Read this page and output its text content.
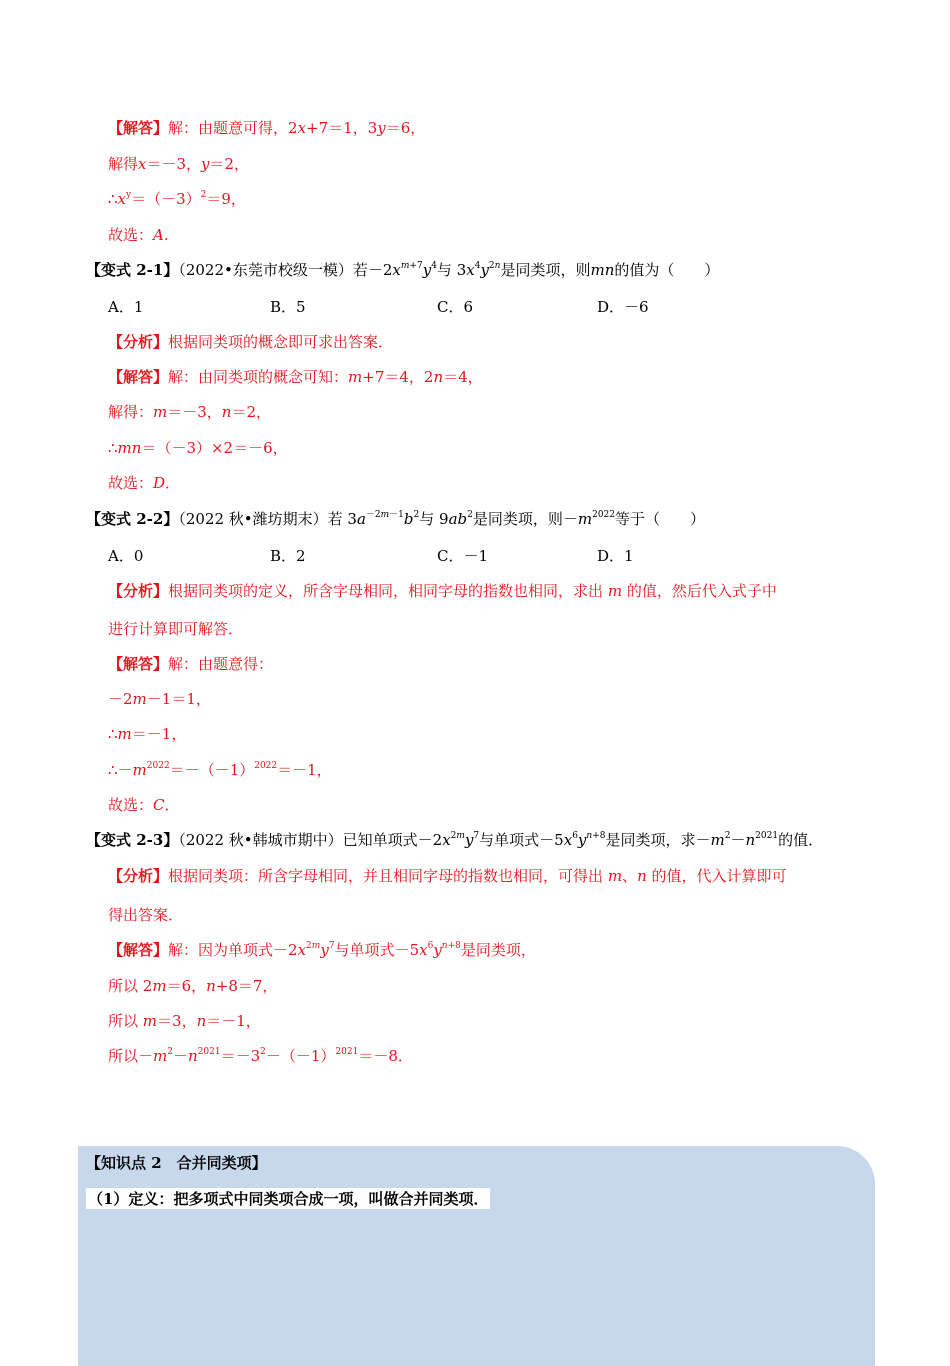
【解答】解：由题意可得，2x+7＝1，3y＝6，
解得x＝－3，y＝2，
$\therefore x^y=(-3)^2=9$，
故选：A.
【变式 2-1】（2022•东莞市校级一模）若$-2x^{m+7}y^4$与 $3x^4y^{2n}$是同类项，则mn的值为（　　）
A．1	B．5	C．6	D．－6
【分析】根据同类项的概念即可求出答案．
【解答】解：由同类项的概念可知：m+7＝4，2n＝4，
解得：m＝－3，n＝2，
∴mn＝（－3）×2＝－6，
故选：D．
【变式 2-2】（2022 秋•潍坊期末）若 $3a^{-2m-1}b^2$与 $9ab^2$是同类项，则$-m^{2022}$等于（　　）
A．0	B．2	C．－1	D．1
【分析】根据同类项的定义，所含字母相同，相同字母的指数也相同，求出 m 的值，然后代入式子中
进行计算即可解答．
【解答】解：由题意得：
－2m－1＝1，
∴m＝－1，
$\therefore-m^{2022}=-(-1)^{2022}=-1$，
故选：C．
【变式 2-3】（2022 秋•韩城市期中）已知单项式$-2x^{2m}y^7$与单项式$-5x^6y^{n+8}$是同类项，求$-m^2-n^{2021}$的值．
【分析】根据同类项：所含字母相同，并且相同字母的指数也相同，可得出 m、n 的值，代入计算即可
得出答案．
【解答】解：因为单项式$-2x^{2m}y^7$与单项式$-5x^6y^{n+8}$是同类项，
所以 2m＝6，n+8＝7，
所以 m＝3，n＝－1，
所以$-m^2-n^{2021}=-3^2-(-1)^{2021}=-8$．
【知识点 2　合并同类项】
（1）定义：把多项式中同类项合成一项，叫做合并同类项．
